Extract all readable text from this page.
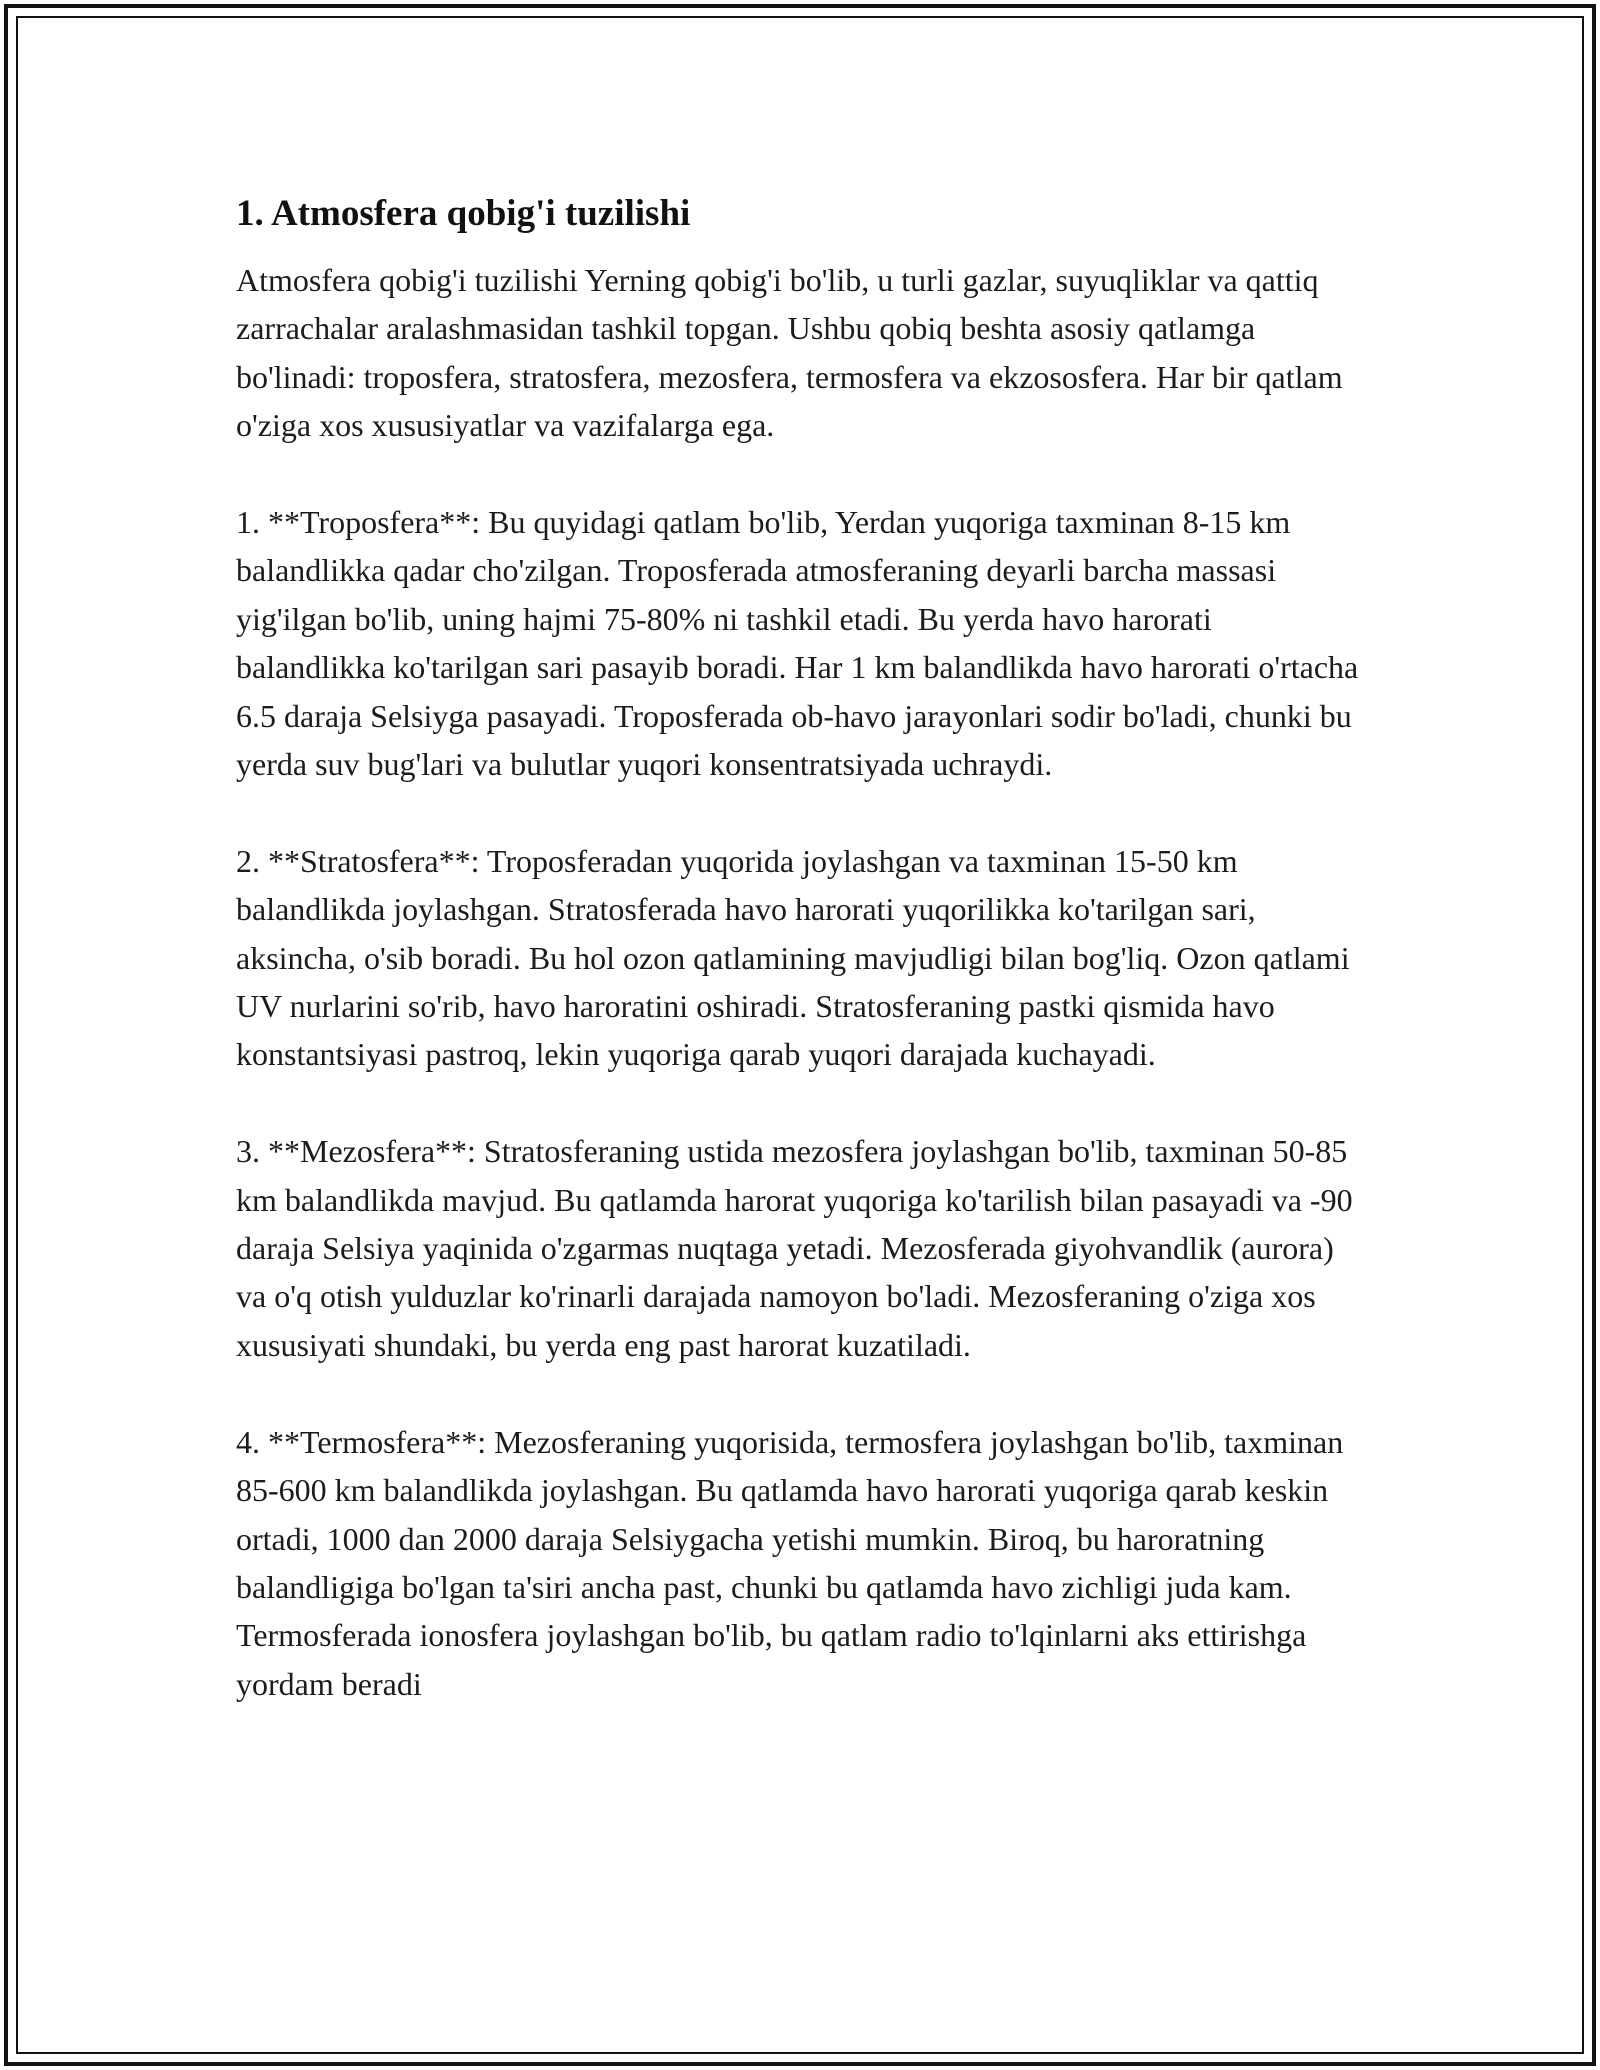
1. Atmosfera qobig'i tuzilishi

Atmosfera qobig'i tuzilishi Yerning qobig'i bo'lib, u turli gazlar, suyuqliklar va qattiq zarrachalar aralashmasidan tashkil topgan. Ushbu qobiq beshta asosiy qatlamga bo'linadi: troposfera, stratosfera, mezosfera, termosfera va ekzososfera. Har bir qatlam o'ziga xos xususiyatlar va vazifalarga ega.

1. **Troposfera**: Bu quyidagi qatlam bo'lib, Yerdan yuqoriga taxminan 8-15 km balandlikka qadar cho'zilgan. Troposferada atmosferaning deyarli barcha massasi yig'ilgan bo'lib, uning hajmi 75-80% ni tashkil etadi. Bu yerda havo harorati balandlikka ko'tarilgan sari pasayib boradi. Har 1 km balandlikda havo harorati o'rtacha 6.5 daraja Selsiyga pasayadi. Troposferada ob-havo jarayonlari sodir bo'ladi, chunki bu yerda suv bug'lari va bulutlar yuqori konsentratsiyada uchraydi.

2. **Stratosfera**: Troposferadan yuqorida joylashgan va taxminan 15-50 km balandlikda joylashgan. Stratosferada havo harorati yuqorilikka ko'tarilgan sari, aksincha, o'sib boradi. Bu hol ozon qatlamining mavjudligi bilan bog'liq. Ozon qatlami UV nurlarini so'rib, havo haroratini oshiradi. Stratosferaning pastki qismida havo konstantsiyasi pastroq, lekin yuqoriga qarab yuqori darajada kuchayadi.

3. **Mezosfera**: Stratosferaning ustida mezosfera joylashgan bo'lib, taxminan 50-85 km balandlikda mavjud. Bu qatlamda harorat yuqoriga ko'tarilish bilan pasayadi va -90 daraja Selsiya yaqinida o'zgarmas nuqtaga yetadi. Mezosferada giyohvandlik (aurora) va o'q otish yulduzlar ko'rinarli darajada namoyon bo'ladi. Mezosferaning o'ziga xos xususiyati shundaki, bu yerda eng past harorat kuzatiladi.

4. **Termosfera**: Mezosferaning yuqorisida, termosfera joylashgan bo'lib, taxminan 85-600 km balandlikda joylashgan. Bu qatlamda havo harorati yuqoriga qarab keskin ortadi, 1000 dan 2000 daraja Selsiygacha yetishi mumkin. Biroq, bu haroratning balandligiga bo'lgan ta'siri ancha past, chunki bu qatlamda havo zichligi juda kam. Termosferada ionosfera joylashgan bo'lib, bu qatlam radio to'lqinlarni aks ettirishga yordam beradi
